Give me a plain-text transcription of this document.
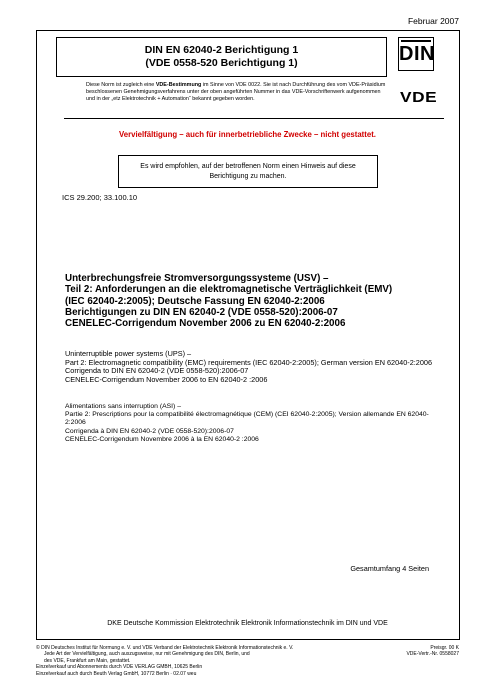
Februar 2007
DIN EN 62040-2 Berichtigung 1
(VDE 0558-520 Berichtigung 1)	DIN
Diese Norm ist zugleich eine VDE-Bestimmung im Sinne von VDE 0022. Sie ist nach Durchführung des vom VDE-Präsidium beschlossenen Genehmigungsverfahrens unter der oben angeführten Nummer in das VDE-Vorschriftenwerk aufgenommen und in der „etz Elektrotechnik + Automation“ bekannt gegeben worden.	VDE
Vervielfältigung – auch für innerbetriebliche Zwecke – nicht gestattet.
Es wird empfohlen, auf der betroffenen Norm einen Hinweis auf diese Berichtigung zu machen.
ICS 29.200; 33.100.10
Unterbrechungsfreie Stromversorgungssysteme (USV) –
Teil 2: Anforderungen an die elektromagnetische Verträglichkeit (EMV)
(IEC 62040-2:2005); Deutsche Fassung EN 62040-2:2006
Berichtigungen zu DIN EN 62040-2 (VDE 0558-520):2006-07
CENELEC-Corrigendum November 2006 zu EN 62040-2:2006
Uninterruptible power systems (UPS) –
Part 2: Electromagnetic compatibility (EMC) requirements (IEC 62040-2:2005); German version EN 62040-2:2006
Corrigenda to DIN EN 62040-2 (VDE 0558-520):2006-07
CENELEC-Corrigendum November 2006 to EN 62040-2 :2006
Alimentations sans interruption (ASI) –
Partie 2: Prescriptions pour la compatibilité électromagnétique (CEM) (CEI 62040-2:2005); Version allemande EN 62040-2:2006
Corrigenda à DIN EN 62040-2 (VDE 0558-520):2006-07
CENELEC-Corrigendum Novembre 2006 à la EN 62040-2 :2006
Gesamtumfang 4 Seiten
DKE Deutsche Kommission Elektrotechnik Elektronik Informationstechnik im DIN und VDE
© DIN Deutsches Institut für Normung e. V. und VDE Verband der Elektrotechnik Elektronik Informationstechnik e. V.
Jede Art der Vervielfältigung, auch auszugsweise, nur mit Genehmigung des DIN, Berlin, und
des VDE, Frankfurt am Main, gestattet.
Einzelverkauf und Abonnements durch VDE VERLAG GMBH, 10625 Berlin
Einzelverkauf auch durch Beuth Verlag GmbH, 10772 Berlin · 02.07 weu
Preisgr. 00 K
VDE-Vertr.-Nr. 0558027
